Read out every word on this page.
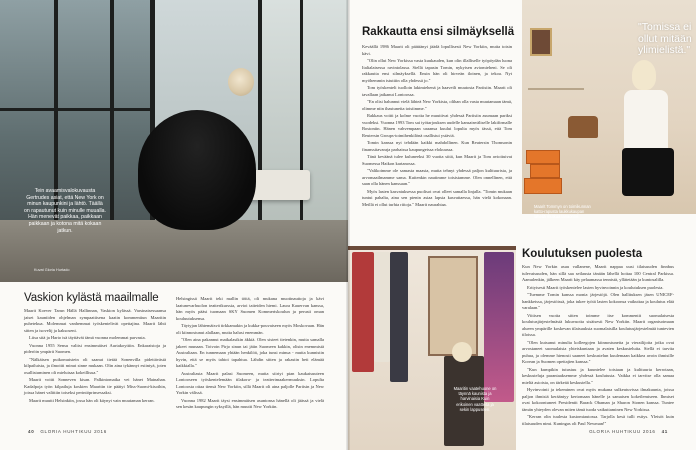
Tein avaamisvalokuvausta Gertrudes asiat, että New York on minun kaupunkini ja lähtö. Täällä on rapautunut kuin minulle muualla. Hän menevät paikkaa, paikkaan paikkaan ja kotona mitä kokaan jatkun.
Kuvat Gloria Hurtado
Vaskion kylästä maailmalle

Maarit Koever Tarun Hällä Hallinnan, Vaskion kylässä. Varsinaisessaansa jaiset kauniiden ohjelman sympaattisena kaatin kommentiun Maaritin puhetekua. Molemmat vanhemmat työskentelivät opettajina. Maarit lähti sitten ja isovelij ja kaksoseni.

Liisa sitä ja Harto isä täyttävät tämä vuonna molemmat parvasta.

Vuonna 1955 Sensu valitsi ensimmäiset Aurtakoyttiin. Enkaraistoja ja pideröin ympärit Suomen.

"Nälkäisen puikomuistein oli saanut tietää Sonenvilla pidettävästä kilpailuista, ja ilmoitti minut sinne mukaan. Olin aina tykännyt esiintyä, joten osallistuminen oli mieluisaa kokeillisua."

Maarit voitti Sonneven kisan. Palkintomatka vei hänet Mainahan. Kadalpoja työn kilpailuja koskien Maaritin tie päätyi Miss-Suomi-kisoihin, joissa hänet valittiin toiseksi perintöprinsessaksi.

Maarit muutti Helsinkiin, jossa hän oli käynyt vain muutaman kerran.

Helsingissä Maarit teki mallin töitä, oli mukana muotinauttoja ja kävi laatunevarhuolon teatterikurssia, arvioi taiteiden hiemi. Laura Kauervan kanssa, hän myös pääsi tuomaan SKY Suomen Kommeriskoulun ja perusti oman kouluutuksensa.

Täytyjan lähtemäisvä tirkkamakin ja kukka-pouvaiseen myös Moskovaan. Hän oli kiinnostunut alallaan, mutta halusi enemmän.

"Olen aina pakannut matkalasikin äkkiä. Olen sisteet tietenkin, mutta samalla jakeet munaan. Toivoin Pirjo sinun tai jätin Suomeen kakkin, olisin enemmistä Australiaan. En tunnemaan yhtään henkilöä, joka tunsi minua - mutta kunnistin hyvin, että se myös tahtoi tapahtua. Lähdin sitten ja rakastin heti elämää kaikkialla."

Australiasta Maarit palasi Suomeen, mutta siirtyi pian kaukaisuuteen Lontooseen työskentelemään tilakoru- ja teatterimaakermuuksin. Lopulta Lontoosta ottaa tiensä New Yorkiin, sillä Maarit oli aina paljolle Pariisin ja New Yorkin välissä.

Vuonna 1982 Maarit täysi ensimmäisen asuntonsa hänellä oli jäässä ja vielä sen kesän kaupungin syksyillä, hän muutti New Yorkiin.

40 GLORIA HUHTIKUU 2016
Rakkautta ensi silmäyksellä

Keväällä 1986 Maarit oli päättänyt jäädä lopullisesti New Yorkiin, mutta toisin kävi.

"Olin ollut New Yorkissa vasta kuukauden, kun olin illalliselle työpöydän luona Italialaisessa ravintolassa. Siellä tapasin Tomin, nykyisen aviomieheni. Se oli rakkautta ensi silmäyksellä. Ensin hän oli hirveän iloinen, ja tekoa. Nyt myöhemmin istuttiin olla yhdessä jo."

Tom työskenteli tuolloin lakimiehenä ja haaveili muutosta Pariisiin. Maarit oli tavallaan jatkanut Lontoossa.

"En olisi halunnut vielä lähteä New Yorkista, olihan olla vasta muutamaan tämä, olimme niin ihastuneita toisiimme."

Rakkaus voitti ja kolme vuotta he muuttivat yhdessä Pariisiin asumaan pariksi vuodeksi. Vuonna 1993 Tom sai työtarjouksen uudelle kansainväliselle lakifirmalle Bostoniin. Hänen vahvempaan uraansa kuului lopulta myös tässä, että Tom Reutersin Groups-toimihenkilönä osallistui ystäviä.

Tomin kanssa nyt tehdään kaikki mahdollinen. Kun Reutersin Thomsonin finanssitavaraja parhaissa kaupungeissa elokuussa.

Tänä keväänä tulee kuluneeksi 30 vuotta siitä, kun Maarit ja Tom avioituivat Suomessa Haikon kartanossa.

"Valikoimme ole samasta maasta, mutta tehnyt yhdessä paljon kulttuurista, ja arvomaailmamme sama. Kuitenkin nautimme toisistamme. Olen onnellinen, että saan olla hänen kanssaan."

Myös lasten kasvatuksessa puolisot ovat olleet samalla linjalla. "Tomin mukaan tuntui pahalta, aina sen pienin asiaa lapsia kasvattaessa, hän vielä kokonaan. Meillä ei ollut turhia riitoja." Maarit naurahtaa.

"Tomissa ei ollut mitään ylimielistä."
Maarit Tommyn on toimikunnan katto-rapusta laukkukaupan lähellä mutkaa lanaonne.
Maaritin vaatehuone on täynnä kaunista ja harvinaisia Kuin erikoinen vaatteita ja sekin lappuseen.
Koulutuksen puolesta

Kun New Yorkin asuu vallanene, Maarit nappaa uusi tilaisuuden finnbus tulevaisuuden, hän sillä saa seilausta tänään lähellä hoitaa 100 Central Parkissa. Aamulenkin, jälkeen Maarit käy pelaamassa tennistä, yllätetään ja kuntosalilla.

Erityisesti Maarit työskentelee lasten hyvinvoinnin ja koulutuksen puolesta.

"Tuemme Tomin kanssa monia järjestöjä. Olen hallituksen jäsen UNICEF-hankkeissa, järjestöissä, joka tukee työtä lasten kokoonsa vaikuttaa ja koulutus elää varalaan."

Viitisen vuotta sitten toimme itse kommentit suomalaisesta koulutusjärjestelmästä lukuvuotta sisäisesti New Yorkiin. Maarit organisoimaan alueen ympärille koskevan tilaisuuksia suomalaisilla koulutusjärjestelmää tuntevien tiloissa.

"Olen kutsunut minulta kolleegojen kiinnostuneita ja vierailijoita jotka ovat arvostaneet suomalaisia yhteiskuntaan ja avaten keskusteluita. Siellä ei tarvita puhua, ja olemme hienosti saaneet keskustelun kuulemaan kaikkea avoin ihmisille Korean ja Suomen opettajien kanssa."

"Kun kumpikin tutustuu ja kuuntelee toisiaan ja kulttuuria kerrotaan, keskusteluja parantaaksemme yhdessä koulutusta. Vaikka ei tarvitse olla samaa mieltä asioista, on tärkeää keskustella."

Hyvinvointi ja tekeminen ovat myös mukana sulkeutuvissa ilmakuunta, joissa paljon ihmisiä kerääntyy kertomaan hänelle ja samaisen kokeilemiseen. Ihmiset ovat kokoontuneet Presidentit Barack Obaman ja Sharon Stonen kanssa. Tuntee tämän yhteyden olevan miten tämä tuoda vaikuttaminen New Yorkissa.

"Kerran olin tuulesta kustomiautossa. Tarjolla kesä tulli esitys. Yleisöt kuin tilaisuuden nimi. Kuningas oli Paul Newman!"

GLORIA HUHTIKUU 2016 41
